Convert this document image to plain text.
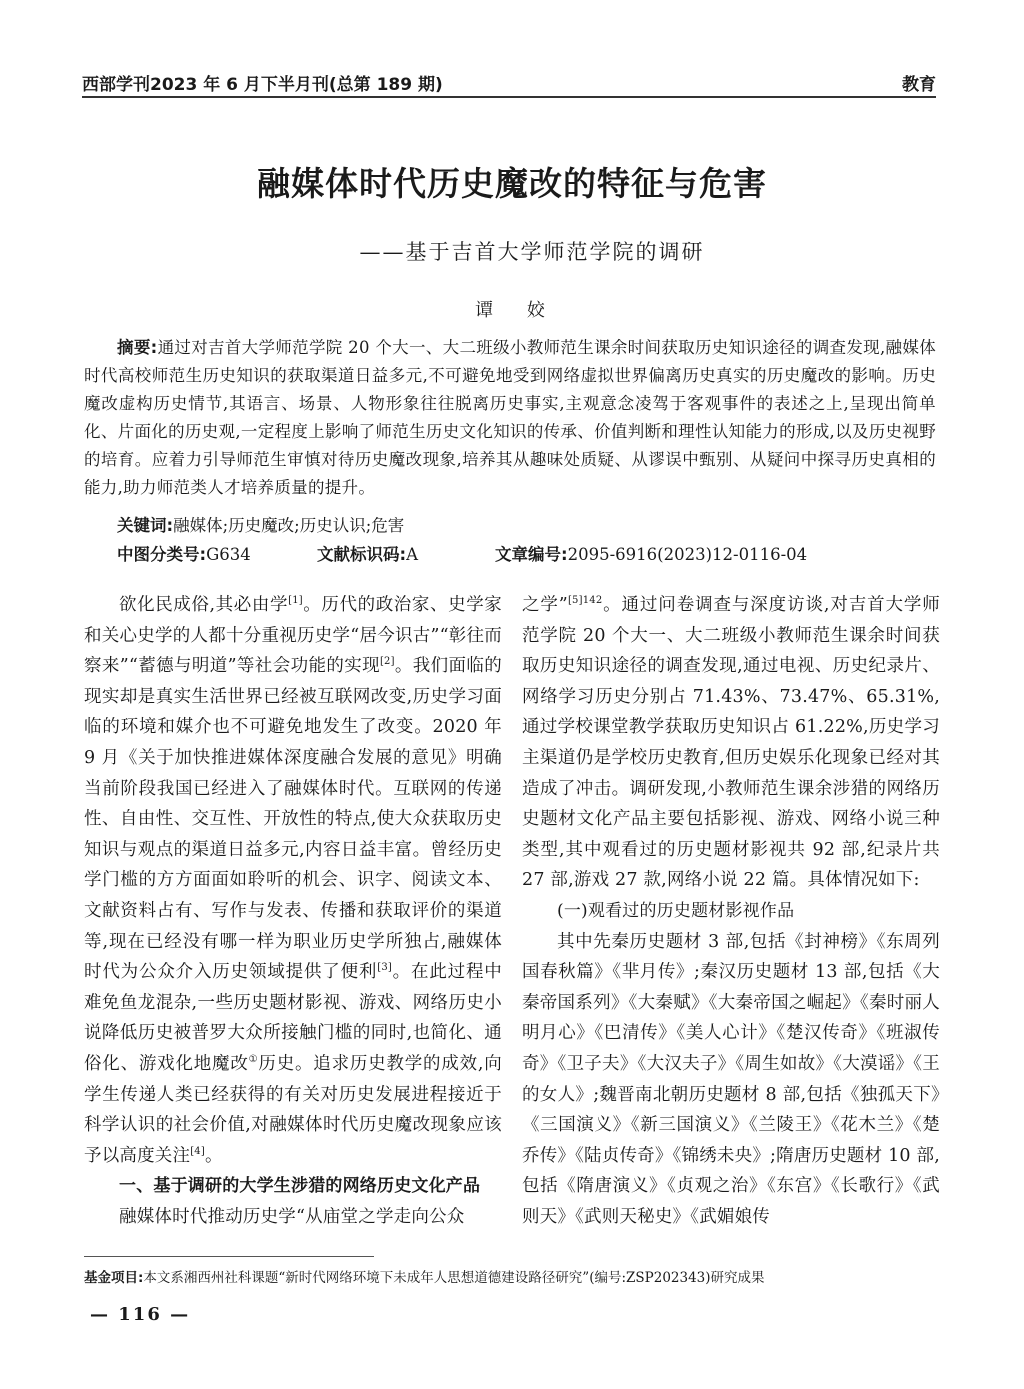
西部学刊2023 年 6 月下半月刊(总第 189 期)	教育
融媒体时代历史魔改的特征与危害
——基于吉首大学师范学院的调研
谭 姣
摘要:通过对吉首大学师范学院 20 个大一、大二班级小教师范生课余时间获取历史知识途径的调查发现,融媒体时代高校师范生历史知识的获取渠道日益多元,不可避免地受到网络虚拟世界偏离历史真实的历史魔改的影响。历史魔改虚构历史情节,其语言、场景、人物形象往往脱离历史事实,主观意念凌驾于客观事件的表述之上,呈现出简单化、片面化的历史观,一定程度上影响了师范生历史文化知识的传承、价值判断和理性认知能力的形成,以及历史视野的培育。应着力引导师范生审慎对待历史魔改现象,培养其从趣味处质疑、从谬误中甄别、从疑问中探寻历史真相的能力,助力师范类人才培养质量的提升。
关键词:融媒体;历史魔改;历史认识;危害
中图分类号:G634	文献标识码:A	文章编号:2095-6916(2023)12-0116-04

欲化民成俗,其必由学[1]。历代的政治家、史学家和关心史学的人都十分重视历史学“居今识古”“彰往而察来”“蓄德与明道”等社会功能的实现[2]。我们面临的现实却是真实生活世界已经被互联网改变,历史学习面临的环境和媒介也不可避免地发生了改变。2020 年 9 月《关于加快推进媒体深度融合发展的意见》明确当前阶段我国已经进入了融媒体时代。互联网的传递性、自由性、交互性、开放性的特点,使大众获取历史知识与观点的渠道日益多元,内容日益丰富。曾经历史学门槛的方方面面如聆听的机会、识字、阅读文本、文献资料占有、写作与发表、传播和获取评价的渠道等,现在已经没有哪一样为职业历史学所独占,融媒体时代为公众介入历史领域提供了便利[3]。在此过程中难免鱼龙混杂,一些历史题材影视、游戏、网络历史小说降低历史被普罗大众所接触门槛的同时,也简化、通俗化、游戏化地魔改①历史。追求历史教学的成效,向学生传递人类已经获得的有关对历史发展进程接近于科学认识的社会价值,对融媒体时代历史魔改现象应该予以高度关注[4]。

一、基于调研的大学生涉猎的网络历史文化产品

融媒体时代推动历史学“从庙堂之学走向公众

之学”$^{[5]142}$。通过问卷调查与深度访谈,对吉首大学师范学院 20 个大一、大二班级小教师范生课余时间获取历史知识途径的调查发现,通过电视、历史纪录片、网络学习历史分别占 71.43%、73.47%、65.31%,通过学校课堂教学获取历史知识占 61.22%,历史学习主渠道仍是学校历史教育,但历史娱乐化现象已经对其造成了冲击。调研发现,小教师范生课余涉猎的网络历史题材文化产品主要包括影视、游戏、网络小说三种类型,其中观看过的历史题材影视共 92 部,纪录片共 27 部,游戏 27 款,网络小说 22 篇。具体情况如下:

(一)观看过的历史题材影视作品

其中先秦历史题材 3 部,包括《封神榜》《东周列国春秋篇》《芈月传》;秦汉历史题材 13 部,包括《大秦帝国系列》《大秦赋》《大秦帝国之崛起》《秦时丽人明月心》《巴清传》《美人心计》《楚汉传奇》《班淑传奇》《卫子夫》《大汉夫子》《周生如故》《大漠谣》《王的女人》;魏晋南北朝历史题材 8 部,包括《独孤天下》《三国演义》《新三国演义》《兰陵王》《花木兰》《楚乔传》《陆贞传奇》《锦绣未央》;隋唐历史题材 10 部,包括《隋唐演义》《贞观之治》《东宫》《长歌行》《武则天》《武则天秘史》《武媚娘传

基金项目:本文系湘西州社科课题“新时代网络环境下未成年人思想道德建设路径研究”(编号:ZSP202343)研究成果
— 116 —
